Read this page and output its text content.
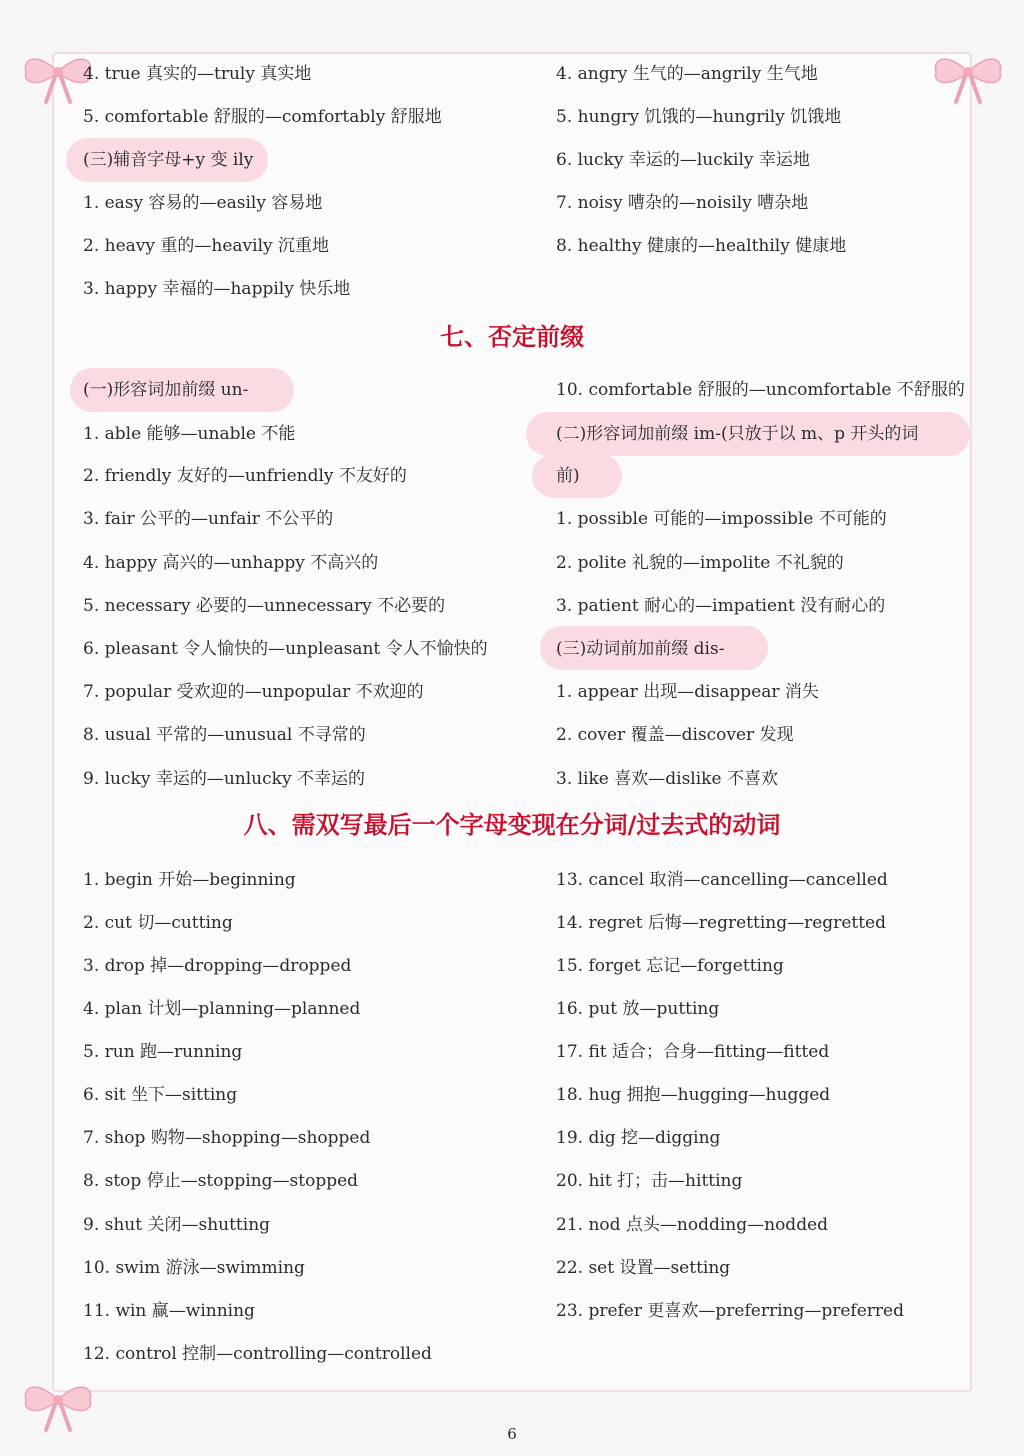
4. true 真实的—truly 真实地
5. comfortable 舒服的—comfortably 舒服地
(三)辅音字母+y 变 ily
1. easy 容易的—easily 容易地
2. heavy 重的—heavily 沉重地
3. happy 幸福的—happily 快乐地
4. angry 生气的—angrily 生气地
5. hungry 饥饿的—hungrily 饥饿地
6. lucky 幸运的—luckily 幸运地
7. noisy 嘈杂的—noisily 嘈杂地
8. healthy 健康的—healthily 健康地
七、否定前缀
(一)形容词加前缀 un-
1. able 能够—unable 不能
2. friendly 友好的—unfriendly 不友好的
3. fair 公平的—unfair 不公平的
4. happy 高兴的—unhappy 不高兴的
5. necessary 必要的—unnecessary 不必要的
6. pleasant 令人愉快的—unpleasant 令人不愉快的
7. popular 受欢迎的—unpopular 不欢迎的
8. usual 平常的—unusual 不寻常的
9. lucky 幸运的—unlucky 不幸运的
10. comfortable 舒服的—uncomfortable 不舒服的
(二)形容词加前缀 im-(只放于以 m、p 开头的词
前)
1. possible 可能的—impossible 不可能的
2. polite 礼貌的—impolite 不礼貌的
3. patient 耐心的—impatient 没有耐心的
(三)动词前加前缀 dis-
1. appear 出现—disappear 消失
2. cover 覆盖—discover 发现
3. like 喜欢—dislike 不喜欢
八、需双写最后一个字母变现在分词/过去式的动词
1. begin 开始—beginning
2. cut 切—cutting
3. drop 掉—dropping—dropped
4. plan 计划—planning—planned
5. run 跑—running
6. sit 坐下—sitting
7. shop 购物—shopping—shopped
8. stop 停止—stopping—stopped
9. shut 关闭—shutting
10. swim 游泳—swimming
11. win 赢—winning
12. control 控制—controlling—controlled
13. cancel 取消—cancelling—cancelled
14. regret 后悔—regretting—regretted
15. forget 忘记—forgetting
16. put 放—putting
17. fit 适合；合身—fitting—fitted
18. hug 拥抱—hugging—hugged
19. dig 挖—digging
20. hit 打；击—hitting
21. nod 点头—nodding—nodded
22. set 设置—setting
23. prefer 更喜欢—preferring—preferred
6
